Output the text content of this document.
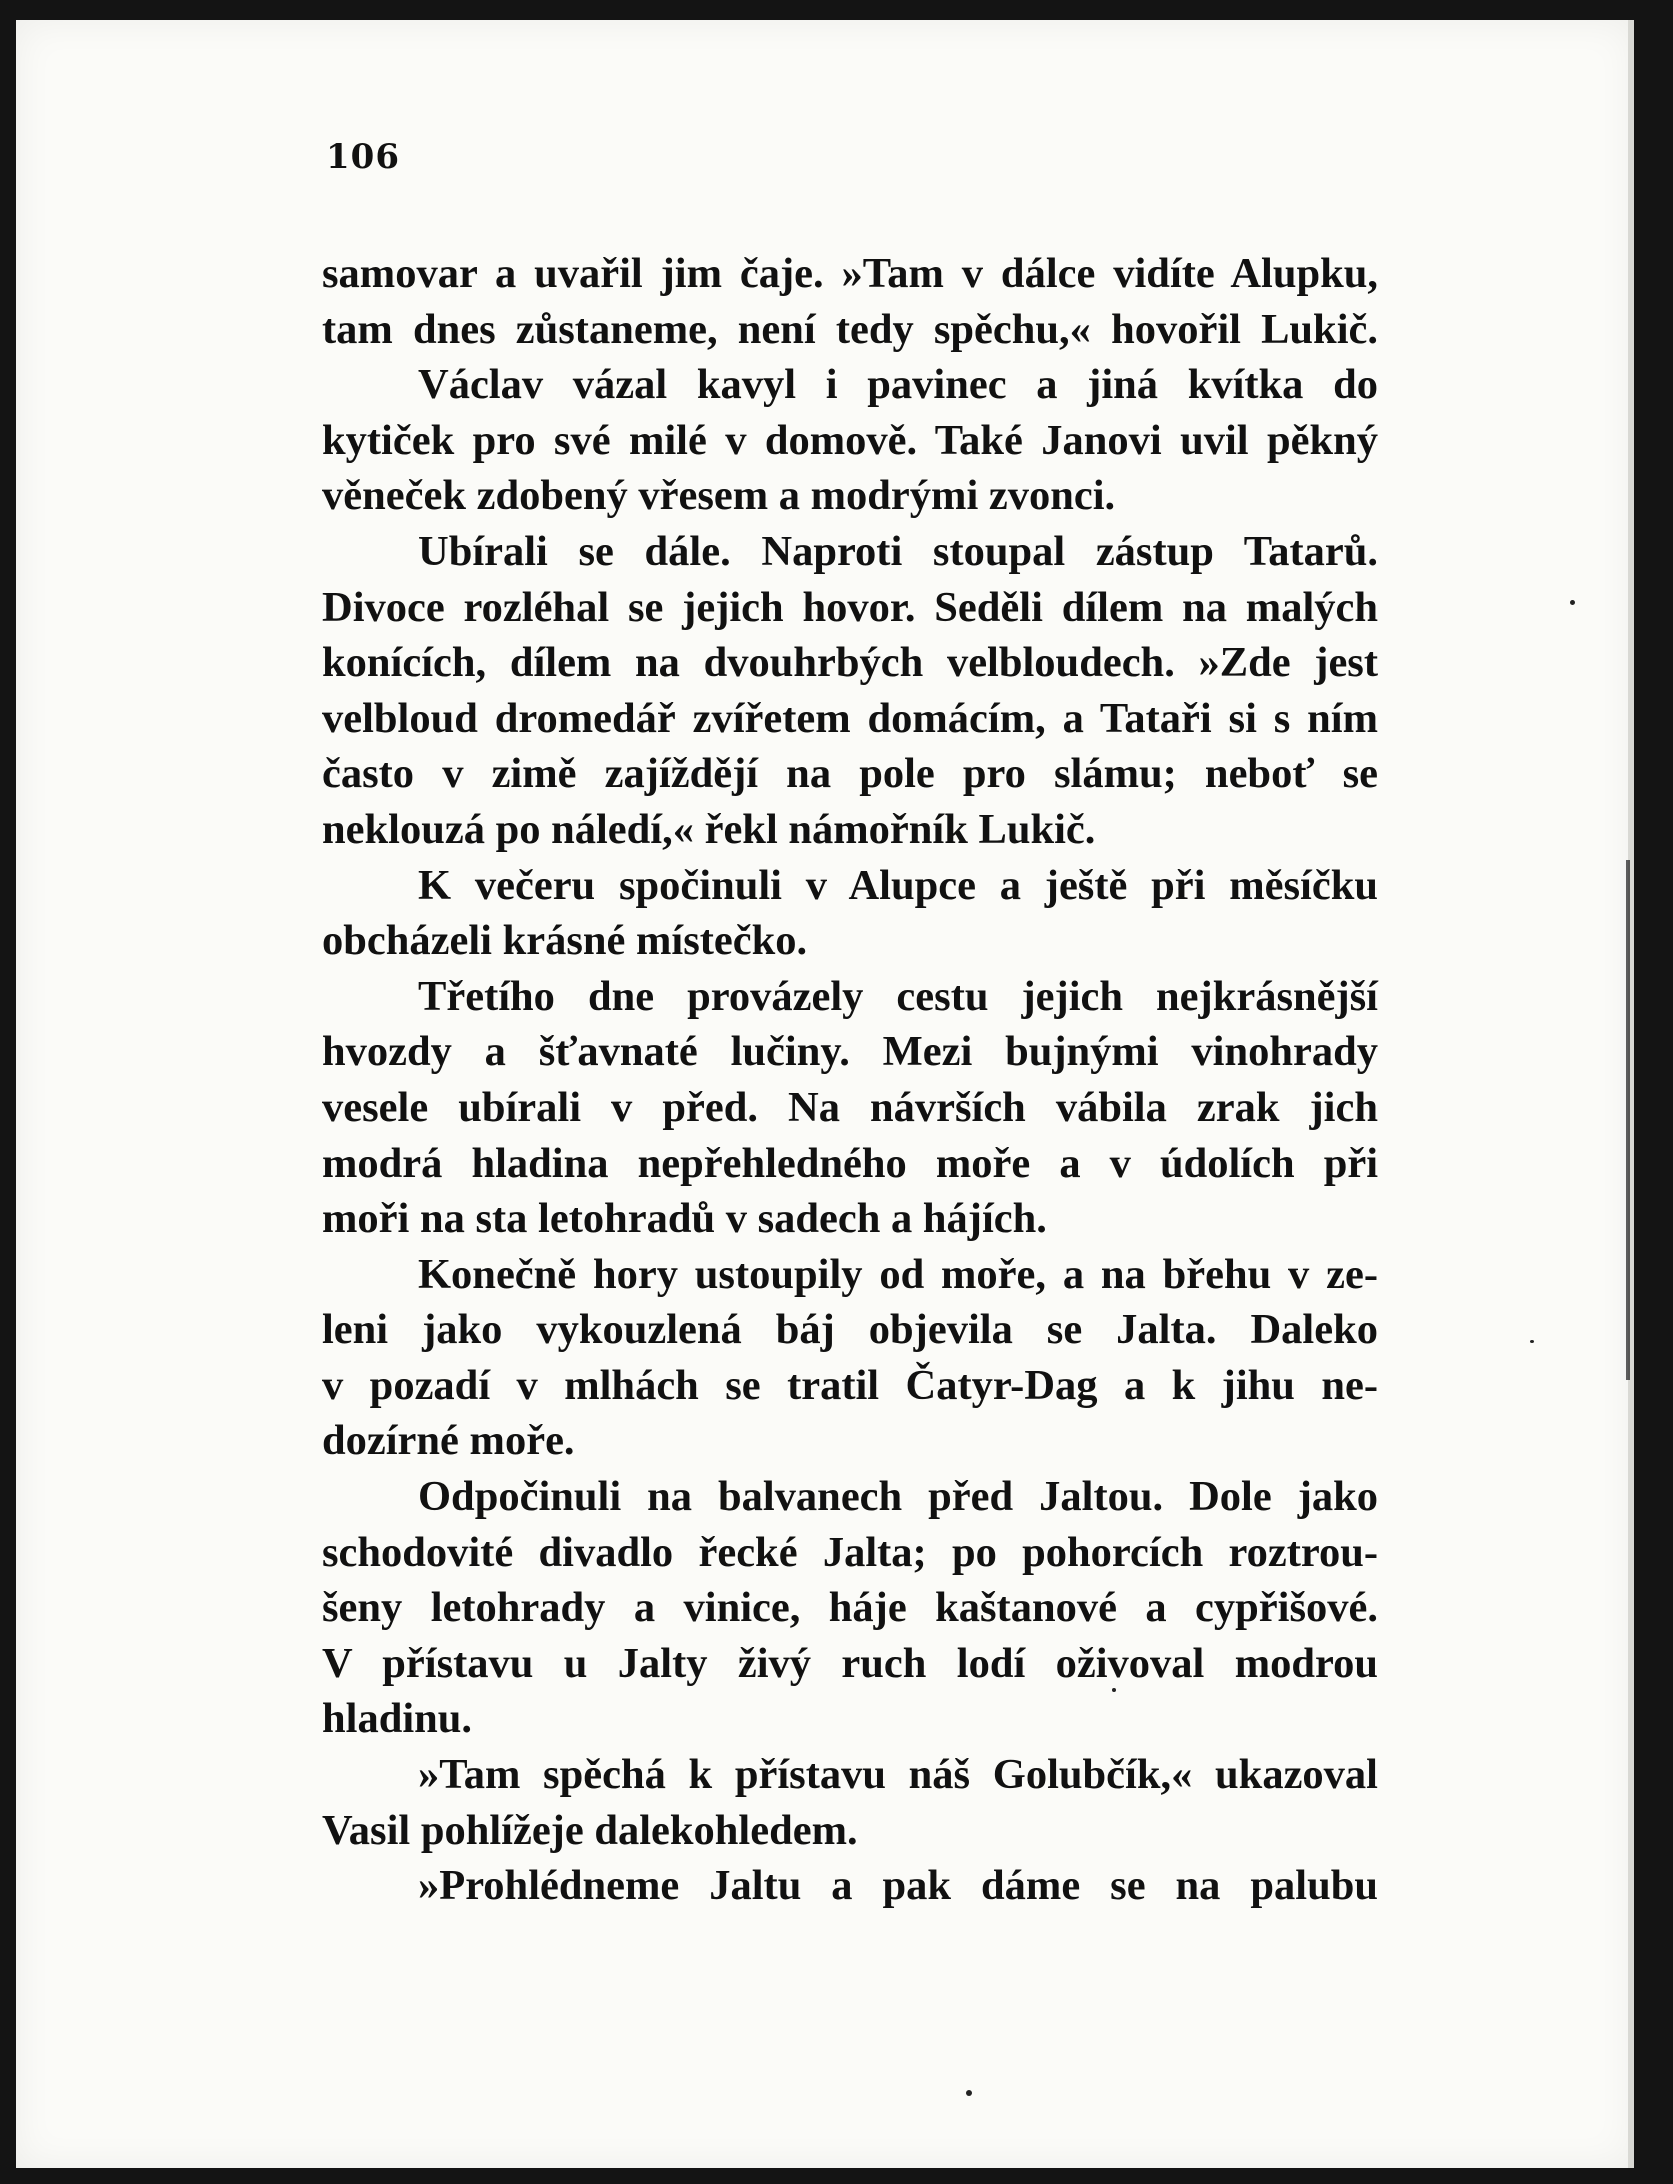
106
samovar a uvařil jim čaje. »Tam v dálce vidíte Alupku,
tam dnes zůstaneme, není tedy spěchu,« hovořil Lukič.
Václav vázal kavyl i pavinec a jiná kvítka do
kytiček pro své milé v domově. Také Janovi uvil pěkný
věneček zdobený vřesem a modrými zvonci.
Ubírali se dále. Naproti stoupal zástup Tatarů.
Divoce rozléhal se jejich hovor. Seděli dílem na malých
konících, dílem na dvouhrbých velbloudech. »Zde jest
velbloud dromedář zvířetem domácím, a Tataři si s ním
často v zimě zajíždějí na pole pro slámu; neboť se
neklouzá po náledí,« řekl námořník Lukič.
K večeru spočinuli v Alupce a ještě při měsíčku
obcházeli krásné místečko.
Třetího dne provázely cestu jejich nejkrásnější
hvozdy a šťavnaté lučiny. Mezi bujnými vinohrady
vesele ubírali v před. Na návrších vábila zrak jich
modrá hladina nepřehledného moře a v údolích při
moři na sta letohradů v sadech a hájích.
Konečně hory ustoupily od moře, a na břehu v ze-
leni jako vykouzlená báj objevila se Jalta. Daleko
v pozadí v mlhách se tratil Čatyr-Dag a k jihu ne-
dozírné moře.
Odpočinuli na balvanech před Jaltou. Dole jako
schodovité divadlo řecké Jalta; po pohorcích roztrou-
šeny letohrady a vinice, háje kaštanové a cypřišové.
V přístavu u Jalty živý ruch lodí oživoval modrou
hladinu.
»Tam spěchá k přístavu náš Golubčík,« ukazoval
Vasil pohlížeje dalekohledem.
»Prohlédneme Jaltu a pak dáme se na palubu
